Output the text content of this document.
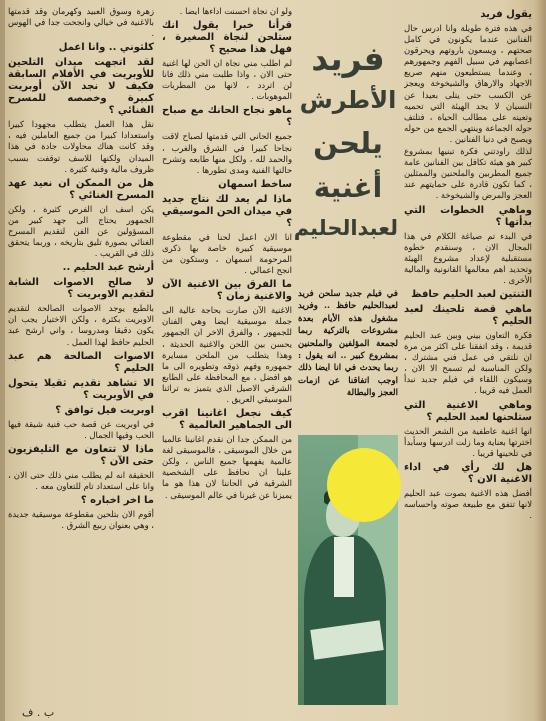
يقول فريد

في هذه فترة طويلة وانا ادرس حال الفنانين عندما يكونون في كامل صحتهم ، ويسعون باروتهم ويحرقون اعصابهم في سبيل الفهم وجمهورهم ، وعندما يستطيعون منهم صريع الاجهاد والارهاق والشيخوخة ويعجز عن الكسب حتى يتلى بعيدا عن النسيان لا يجد الهيئة التي تحميه وتعينه على مطالب الحياة ، فتلتف حوله الجماعة وينتهي الجمع من حوله ويصبح في دنيا الفنانين .

لذلك راودتني فكرة تبنيها بمشروع كبير هو هيئة تكافل بين الفنانين عامة جميع المطربين والملحنين والممثلين ، كما تكون قادرة على حمايتهم عند العجز والمرض والشيخوخة .

وماهي الخطوات التي بدأتها ؟

في البدء تم صياغة الكلام في هذا المجال الان ، وسنقدم خطوة مستقبلية لإعداد مشروع الهيئة وتحديد اهم معالمها القانونية والمالية الأخرى .

الثنتين لعبد الحليم حافظ
ماهي قصة تلحينك لعبد الحليم ؟

فكرة التعاون بيني وبين عبد الحليم قديمة ، وقد اتفقنا على اكثر من مرة ان نلتقي في عمل فني مشترك ، ولكن المناسبة لم تسمح الا الان ، وسيكون اللقاء في فيلم جديد نبدأ العمل فيه قريبا .

وماهي الاغنية التي ستلحنها لعبد الحليم ؟

انها اغنية عاطفية من الشعر الحديث اخترتها بعناية وما زلت ادرسها وسأبدأ في تلحينها قريبا .

هل لك رأي في اداء الاغنية الان ؟

أفضل هذه الاغنية بصوت عبد الحليم لانها تتفق مع طبيعة صوته واحساسه .

فريد
الأطرش
يلحن
أغنية
لعبدالحليم
في فيلم جديد سلحن فريد لعبدالحليم حافظ .. وفريد مشغول هذه الأيام بعدة مشروعات بالتركية ربما لجمعة المؤلفين والملحنين بمشروع كبير .. انه يقول : ربما يحدث في انا ايضا ذلك اوجب اتفاقنا عن ازمات العجز والبطالة

ولو ان نجاة احسنت اداءها ايضا .

قرأنا خبرا يقول انك ستلحن لنجاة الصغيرة ، فهل هذا صحيح ؟

لم اطلب مني نجاة ان الحن لها اغنية حتى الان ، واذا طلبت مني ذلك فانا لن اتردد ، لانها من المطربات الموهوبات .

ماهو نجاح الحانك مع صباح ؟

جميع الحاني التي قدمتها لصباح لاقت نجاحا كبيرا في الشرق والغرب ، والحمد لله ، ولكل منها طابعه وتشرح حالتها الفنية ومدى تطورها .

ساخط اسمهان
ماذا لم يعد لك نتاج جديد في ميدان الحن الموسيقي ؟

انا الان اعمل لحنا في مقطوعة موسيقية كبيرة خاصة بها ذكرى المرحومة اسمهان ، وستكون من انجح اعمالي .

ما الفرق بين الاغنية الآن والاغنية زمان ؟

الاغنية الآن صارت بحاجة عالية الى جملة موسيقية ايضا وهي الفنان للجمهور ، والفرق الاخر ان الجمهور يحسن بين اللحن والاغنية الحديثة ، وهذا يتطلب من الملحن مسايرة جمهوره وفهم ذوقه وتطويره الى ما هو افضل ، مع المحافظة على الطابع الشرقي الاصيل الذي يتميز به تراثنا الموسيقي العريق .

كيف نجعل اغانينا اقرب الى الجماهير العالمية ؟

من الممكن جدا ان نقدم اغانينا عالميا من خلال الموسيقى ، فالموسيقى لغة عالمية يفهمها جميع الناس ، ولكن علينا ان نحافظ على الشخصية الشرقية في الحاننا لان هذا هو ما يميزنا عن غيرنا في عالم الموسيقى .

زهرة وسوق العبيد وكهرمان وقد قدمتها بالاغنية في خيالي وانجحت جدا في الهوس .

كلثوني .. وانا اعمل
لقد اتجهت ميدان التلحين للأوبريت في الأفلام السابقة فكيف لا نجد الآن أوبريت كبيرة وخصصه للمسرح الفنائي ؟

نقل هذا العمل يتطلب مجهودا كبيرا واستعدادا كبيرا من جميع العاملين فيه ، وقد كانت هناك محاولات جادة في هذا الميدان ولكنها للاسف توقفت بسبب ظروف مالية وفنية كثيرة .

هل من الممكن ان نعيد عهد المسرح الغنائي ؟

يكن اسف ان الفرص كثيرة ، ولكن الجمهور يحتاج الى جهد كبير من المسؤولين عن الفن لتقديم المسرح الغنائي بصورة تليق بتاريخه ، وربما يتحقق ذلك في القريب .

أرشح عبد الحليم ..
لا صالح الاصوات الشابة لتقديم الاوبريت ؟

بالطبع يوجد الاصوات الصالحة لتقديم الاوبريت بكثرة ، ولكن الاختيار يجب ان يكون دقيقا ومدروسا ، واني ارشح عبد الحليم حافظ لهذا العمل .

الاصوات الصالحة هم عبد الحليم ؟
الا تشاهد تقديم ثقيلا يتحول في الأوبريت ؟
اوبريت فيل توافق ؟

في اوبريت عن قصة حب فنية شيقة فيها الحب وفيها الجمال .

ماذا لا تتعاون مع التليفزيون حتى الآن ؟

الحقيقة انه لم يطلب مني ذلك حتى الان ، وانا على استعداد تام للتعاون معه .

ما اخر اخباره ؟

أقوم الان بتلحين مقطوعة موسيقية جديدة ، وهي بعنوان ربيع الشرق .

ب . ف
